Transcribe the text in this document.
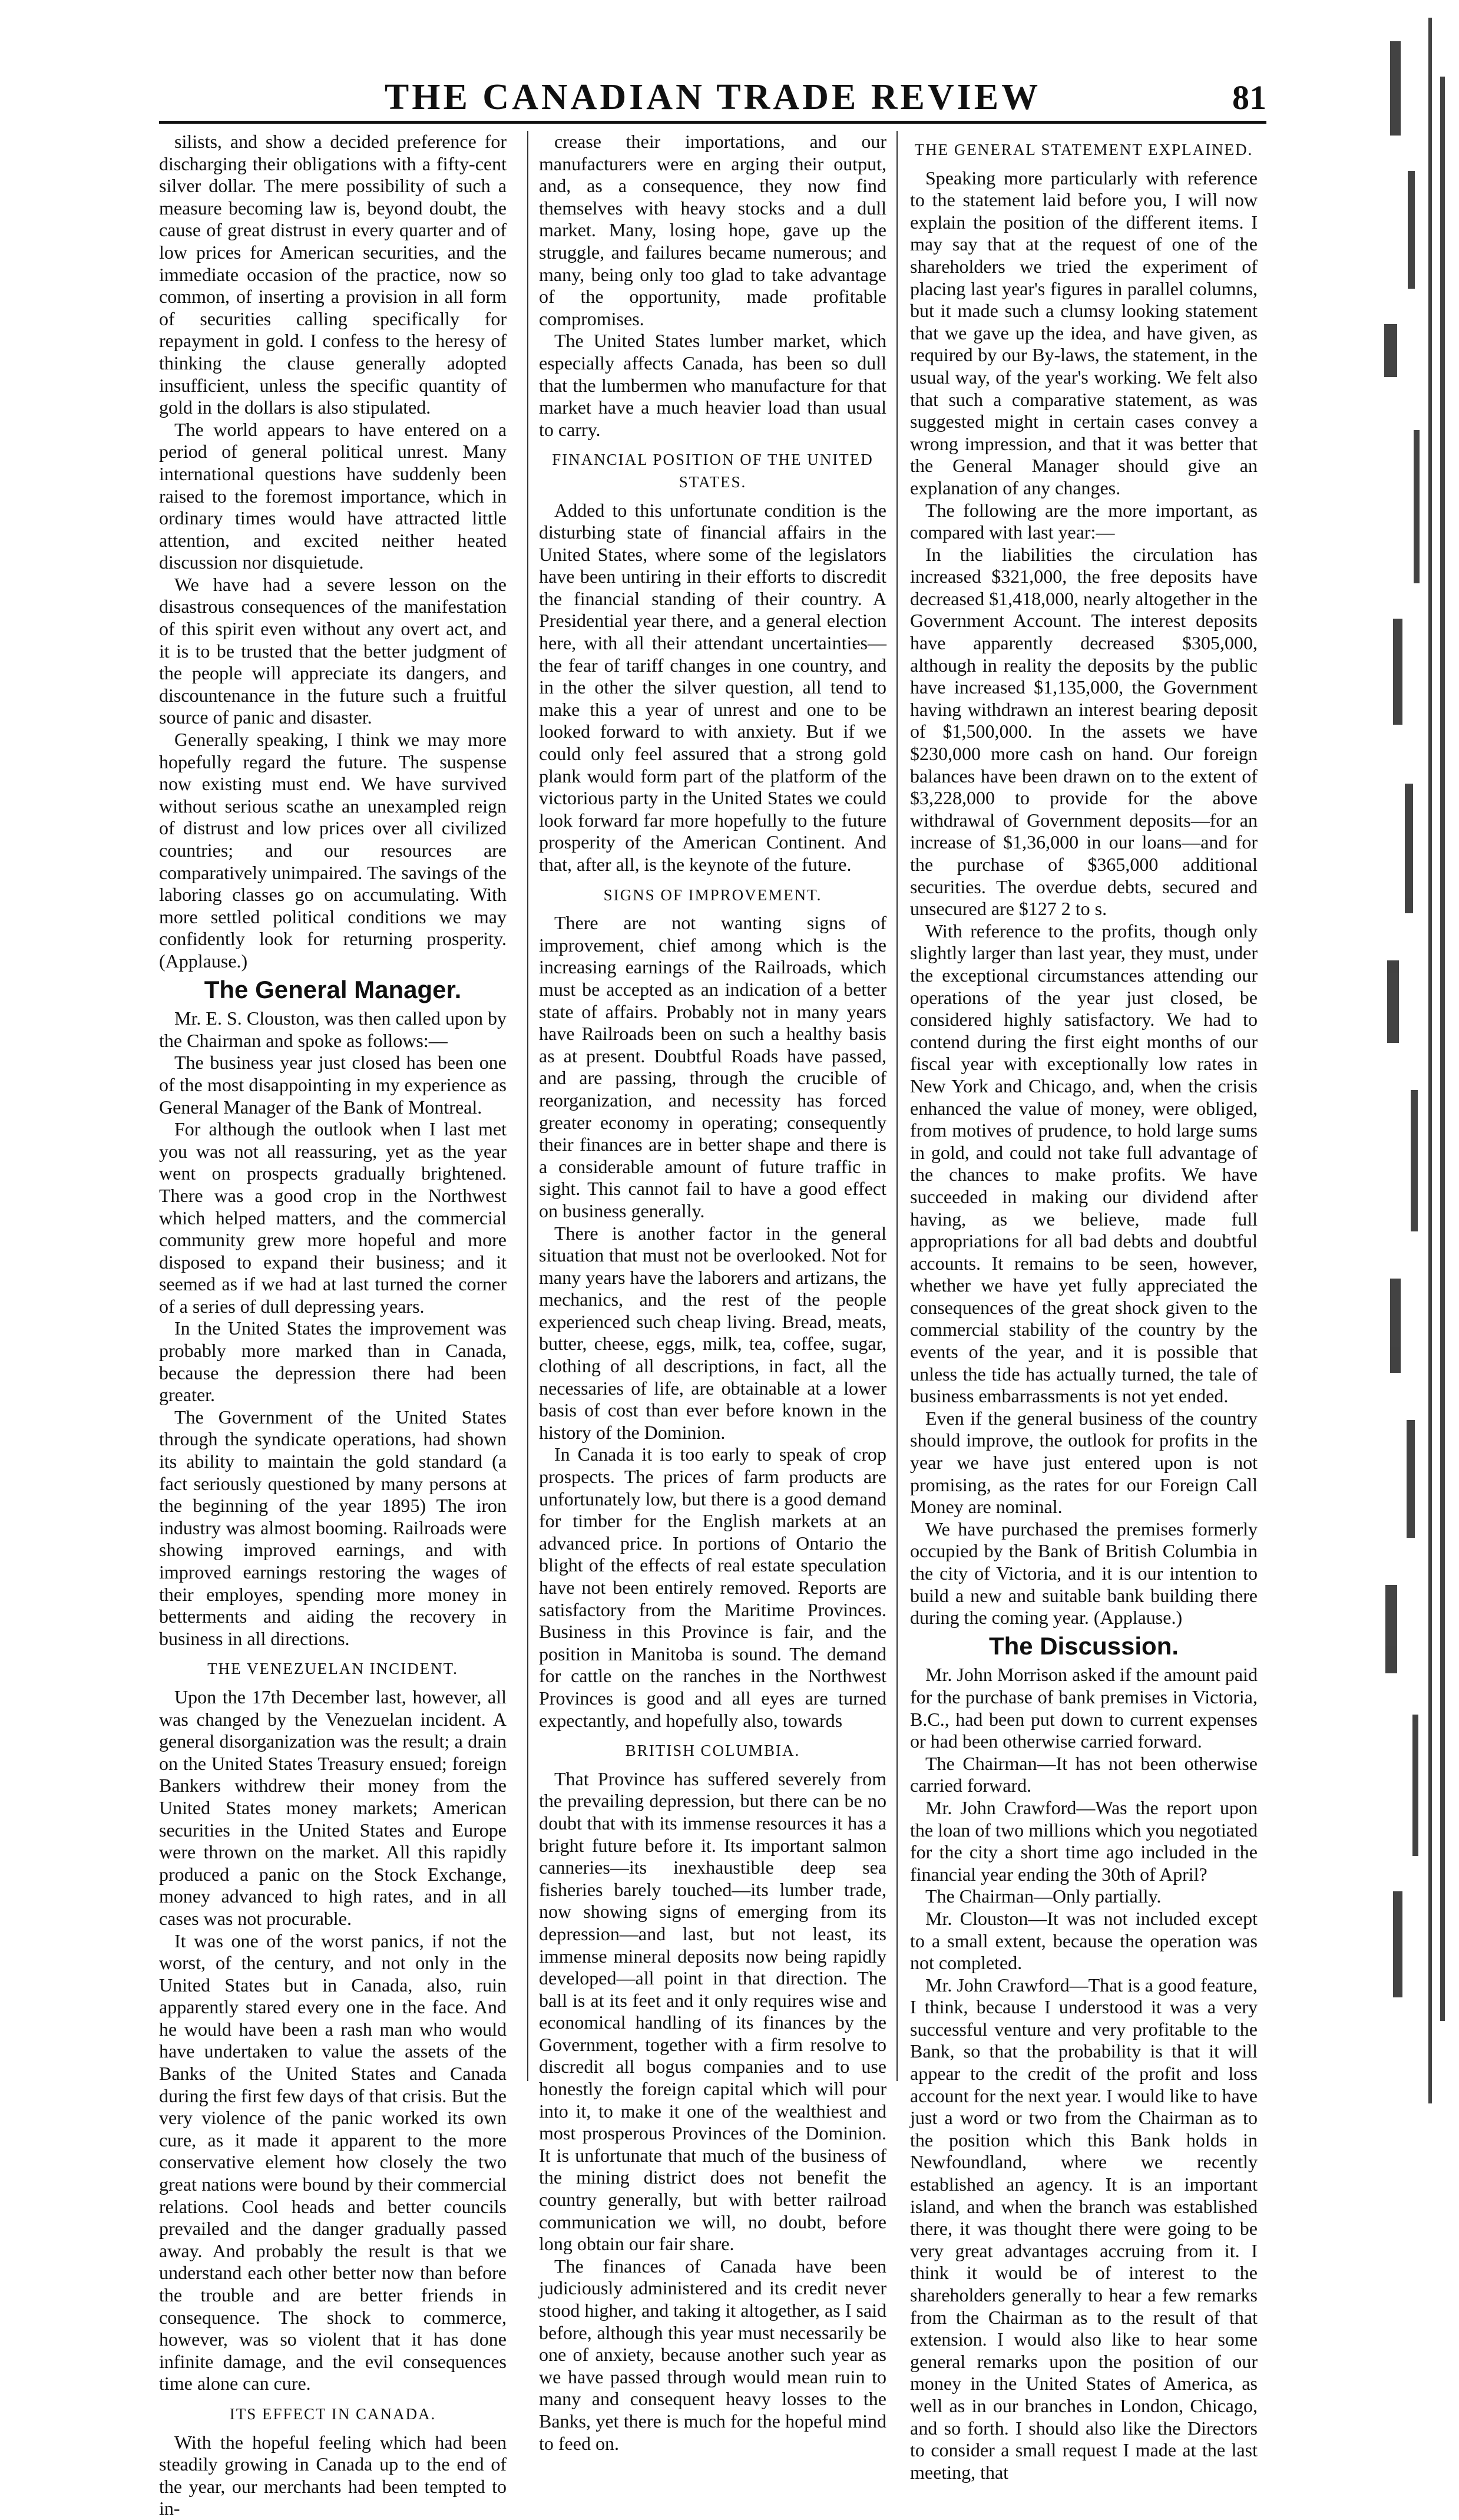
THE CANADIAN TRADE REVIEW	81

silists, and show a decided preference for discharging their obligations with a fifty-cent silver dollar. The mere possibility of such a measure becoming law is, beyond doubt, the cause of great distrust in every quarter and of low prices for American securities, and the immediate occasion of the practice, now so common, of inserting a provision in all form of securities calling specifically for repayment in gold. I confess to the heresy of thinking the clause generally adopted insufficient, unless the specific quantity of gold in the dollars is also stipulated.

The world appears to have entered on a period of general political unrest. Many international questions have suddenly been raised to the foremost importance, which in ordinary times would have attracted little attention, and excited neither heated discussion nor disquietude.

We have had a severe lesson on the disastrous consequences of the manifestation of this spirit even without any overt act, and it is to be trusted that the better judgment of the people will appreciate its dangers, and discountenance in the future such a fruitful source of panic and disaster.

Generally speaking, I think we may more hopefully regard the future. The suspense now existing must end. We have survived without serious scathe an unexampled reign of distrust and low prices over all civilized countries; and our resources are comparatively unimpaired. The savings of the laboring classes go on accumulating. With more settled political conditions we may confidently look for returning prosperity. (Applause.)

The General Manager.

Mr. E. S. Clouston, was then called upon by the Chairman and spoke as follows:—

The business year just closed has been one of the most disappointing in my experience as General Manager of the Bank of Montreal.

For although the outlook when I last met you was not all reassuring, yet as the year went on prospects gradually brightened. There was a good crop in the Northwest which helped matters, and the commercial community grew more hopeful and more disposed to expand their business; and it seemed as if we had at last turned the corner of a series of dull depressing years.

In the United States the improvement was probably more marked than in Canada, because the depression there had been greater.

The Government of the United States through the syndicate operations, had shown its ability to maintain the gold standard (a fact seriously questioned by many persons at the beginning of the year 1895) The iron industry was almost booming. Railroads were showing improved earnings, and with improved earnings restoring the wages of their employes, spending more money in betterments and aiding the recovery in business in all directions.

THE VENEZUELAN INCIDENT.

Upon the 17th December last, however, all was changed by the Venezuelan incident. A general disorganization was the result; a drain on the United States Treasury ensued; foreign Bankers withdrew their money from the United States money markets; American securities in the United States and Europe were thrown on the market. All this rapidly produced a panic on the Stock Exchange, money advanced to high rates, and in all cases was not procurable.

It was one of the worst panics, if not the worst, of the century, and not only in the United States but in Canada, also, ruin apparently stared every one in the face. And he would have been a rash man who would have undertaken to value the assets of the Banks of the United States and Canada during the first few days of that crisis. But the very violence of the panic worked its own cure, as it made it apparent to the more conservative element how closely the two great nations were bound by their commercial relations. Cool heads and better councils prevailed and the danger gradually passed away. And probably the result is that we understand each other better now than before the trouble and are better friends in consequence. The shock to commerce, however, was so violent that it has done infinite damage, and the evil consequences time alone can cure.

ITS EFFECT IN CANADA.

With the hopeful feeling which had been steadily growing in Canada up to the end of the year, our merchants had been tempted to in-

crease their importations, and our manufacturers were en arging their output, and, as a consequence, they now find themselves with heavy stocks and a dull market. Many, losing hope, gave up the struggle, and failures became numerous; and many, being only too glad to take advantage of the opportunity, made profitable compromises.

The United States lumber market, which especially affects Canada, has been so dull that the lumbermen who manufacture for that market have a much heavier load than usual to carry.

FINANCIAL POSITION OF THE UNITED STATES.

Added to this unfortunate condition is the disturbing state of financial affairs in the United States, where some of the legislators have been untiring in their efforts to discredit the financial standing of their country. A Presidential year there, and a general election here, with all their attendant uncertainties—the fear of tariff changes in one country, and in the other the silver question, all tend to make this a year of unrest and one to be looked forward to with anxiety. But if we could only feel assured that a strong gold plank would form part of the platform of the victorious party in the United States we could look forward far more hopefully to the future prosperity of the American Continent. And that, after all, is the keynote of the future.

SIGNS OF IMPROVEMENT.

There are not wanting signs of improvement, chief among which is the increasing earnings of the Railroads, which must be accepted as an indication of a better state of affairs. Probably not in many years have Railroads been on such a healthy basis as at present. Doubtful Roads have passed, and are passing, through the crucible of reorganization, and necessity has forced greater economy in operating; consequently their finances are in better shape and there is a considerable amount of future traffic in sight. This cannot fail to have a good effect on business generally.

There is another factor in the general situation that must not be overlooked. Not for many years have the laborers and artizans, the mechanics, and the rest of the people experienced such cheap living. Bread, meats, butter, cheese, eggs, milk, tea, coffee, sugar, clothing of all descriptions, in fact, all the necessaries of life, are obtainable at a lower basis of cost than ever before known in the history of the Dominion.

In Canada it is too early to speak of crop prospects. The prices of farm products are unfortunately low, but there is a good demand for timber for the English markets at an advanced price. In portions of Ontario the blight of the effects of real estate speculation have not been entirely removed. Reports are satisfactory from the Maritime Provinces. Business in this Province is fair, and the position in Manitoba is sound. The demand for cattle on the ranches in the Northwest Provinces is good and all eyes are turned expectantly, and hopefully also, towards

BRITISH COLUMBIA.

That Province has suffered severely from the prevailing depression, but there can be no doubt that with its immense resources it has a bright future before it. Its important salmon canneries—its inexhaustible deep sea fisheries barely touched—its lumber trade, now showing signs of emerging from its depression—and last, but not least, its immense mineral deposits now being rapidly developed—all point in that direction. The ball is at its feet and it only requires wise and economical handling of its finances by the Government, together with a firm resolve to discredit all bogus companies and to use honestly the foreign capital which will pour into it, to make it one of the wealthiest and most prosperous Provinces of the Dominion. It is unfortunate that much of the business of the mining district does not benefit the country generally, but with better railroad communication we will, no doubt, before long obtain our fair share.

The finances of Canada have been judiciously administered and its credit never stood higher, and taking it altogether, as I said before, although this year must necessarily be one of anxiety, because another such year as we have passed through would mean ruin to many and consequent heavy losses to the Banks, yet there is much for the hopeful mind to feed on.

THE GENERAL STATEMENT EXPLAINED.

Speaking more particularly with reference to the statement laid before you, I will now explain the position of the different items. I may say that at the request of one of the shareholders we tried the experiment of placing last year's figures in parallel columns, but it made such a clumsy looking statement that we gave up the idea, and have given, as required by our By-laws, the statement, in the usual way, of the year's working. We felt also that such a comparative statement, as was suggested might in certain cases convey a wrong impression, and that it was better that the General Manager should give an explanation of any changes.

The following are the more important, as compared with last year:—

In the liabilities the circulation has increased $321,000, the free deposits have decreased $1,418,000, nearly altogether in the Government Account. The interest deposits have apparently decreased $305,000, although in reality the deposits by the public have increased $1,135,000, the Government having withdrawn an interest bearing deposit of $1,500,000. In the assets we have $230,000 more cash on hand. Our foreign balances have been drawn on to the extent of $3,228,000 to provide for the above withdrawal of Government deposits—for an increase of $1,36,000 in our loans—and for the purchase of $365,000 additional securities. The overdue debts, secured and unsecured are $127 2 to s.

With reference to the profits, though only slightly larger than last year, they must, under the exceptional circumstances attending our operations of the year just closed, be considered highly satisfactory. We had to contend during the first eight months of our fiscal year with exceptionally low rates in New York and Chicago, and, when the crisis enhanced the value of money, were obliged, from motives of prudence, to hold large sums in gold, and could not take full advantage of the chances to make profits. We have succeeded in making our dividend after having, as we believe, made full appropriations for all bad debts and doubtful accounts. It remains to be seen, however, whether we have yet fully appreciated the consequences of the great shock given to the commercial stability of the country by the events of the year, and it is possible that unless the tide has actually turned, the tale of business embarrassments is not yet ended.

Even if the general business of the country should improve, the outlook for profits in the year we have just entered upon is not promising, as the rates for our Foreign Call Money are nominal.

We have purchased the premises formerly occupied by the Bank of British Columbia in the city of Victoria, and it is our intention to build a new and suitable bank building there during the coming year. (Applause.)

The Discussion.

Mr. John Morrison asked if the amount paid for the purchase of bank premises in Victoria, B.C., had been put down to current expenses or had been otherwise carried forward.

The Chairman—It has not been otherwise carried forward.

Mr. John Crawford—Was the report upon the loan of two millions which you negotiated for the city a short time ago included in the financial year ending the 30th of April?

The Chairman—Only partially.

Mr. Clouston—It was not included except to a small extent, because the operation was not completed.

Mr. John Crawford—That is a good feature, I think, because I understood it was a very successful venture and very profitable to the Bank, so that the probability is that it will appear to the credit of the profit and loss account for the next year. I would like to have just a word or two from the Chairman as to the position which this Bank holds in Newfoundland, where we recently established an agency. It is an important island, and when the branch was established there, it was thought there were going to be very great advantages accruing from it. I think it would be of interest to the shareholders generally to hear a few remarks from the Chairman as to the result of that extension. I would also like to hear some general remarks upon the position of our money in the United States of America, as well as in our branches in London, Chicago, and so forth. I should also like the Directors to consider a small request I made at the last meeting, that
